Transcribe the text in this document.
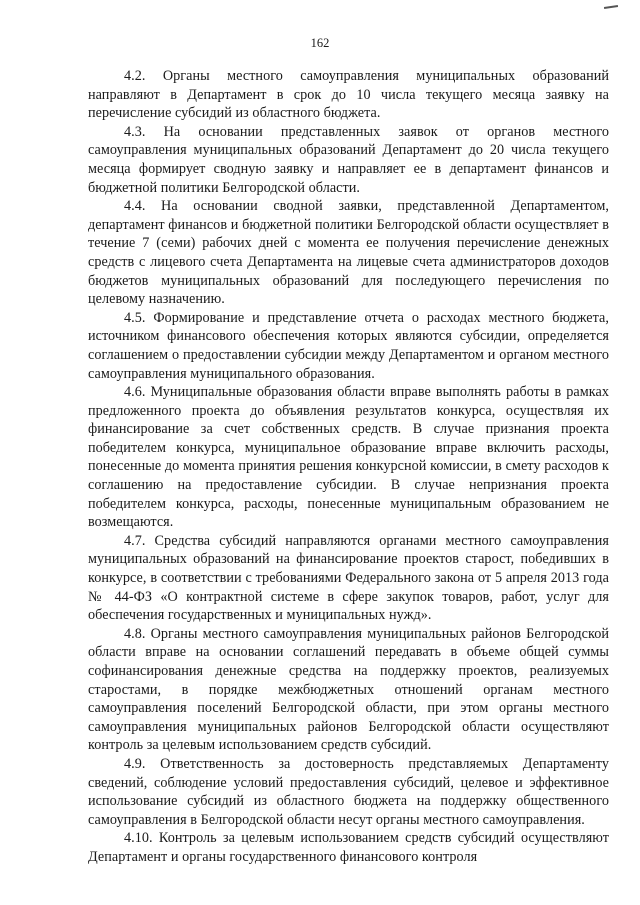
162

4.2. Органы местного самоуправления муниципальных образований направляют в Департамент в срок до 10 числа текущего месяца заявку на перечисление субсидий из областного бюджета.

4.3. На основании представленных заявок от органов местного самоуправления муниципальных образований Департамент до 20 числа текущего месяца формирует сводную заявку и направляет ее в департамент финансов и бюджетной политики Белгородской области.

4.4. На основании сводной заявки, представленной Департаментом, департамент финансов и бюджетной политики Белгородской области осуществляет в течение 7 (семи) рабочих дней с момента ее получения перечисление денежных средств с лицевого счета Департамента на лицевые счета администраторов доходов бюджетов муниципальных образований для последующего перечисления по целевому назначению.

4.5. Формирование и представление отчета о расходах местного бюджета, источником финансового обеспечения которых являются субсидии, определяется соглашением о предоставлении субсидии между Департаментом и органом местного самоуправления муниципального образования.

4.6. Муниципальные образования области вправе выполнять работы в рамках предложенного проекта до объявления результатов конкурса, осуществляя их финансирование за счет собственных средств. В случае признания проекта победителем конкурса, муниципальное образование вправе включить расходы, понесенные до момента принятия решения конкурсной комиссии, в смету расходов к соглашению на предоставление субсидии. В случае непризнания проекта победителем конкурса, расходы, понесенные муниципальным образованием не возмещаются.

4.7. Средства субсидий направляются органами местного самоуправления муниципальных образований на финансирование проектов старост, победивших в конкурсе, в соответствии с требованиями Федерального закона от 5 апреля 2013 года № 44-ФЗ «О контрактной системе в сфере закупок товаров, работ, услуг для обеспечения государственных и муниципальных нужд».

4.8. Органы местного самоуправления муниципальных районов Белгородской области вправе на основании соглашений передавать в объеме общей суммы софинансирования денежные средства на поддержку проектов, реализуемых старостами, в порядке межбюджетных отношений органам местного самоуправления поселений Белгородской области, при этом органы местного самоуправления муниципальных районов Белгородской области осуществляют контроль за целевым использованием средств субсидий.

4.9. Ответственность за достоверность представляемых Департаменту сведений, соблюдение условий предоставления субсидий, целевое и эффективное использование субсидий из областного бюджета на поддержку общественного самоуправления в Белгородской области несут органы местного самоуправления.

4.10. Контроль за целевым использованием средств субсидий осуществляют Департамент и органы государственного финансового контроля
